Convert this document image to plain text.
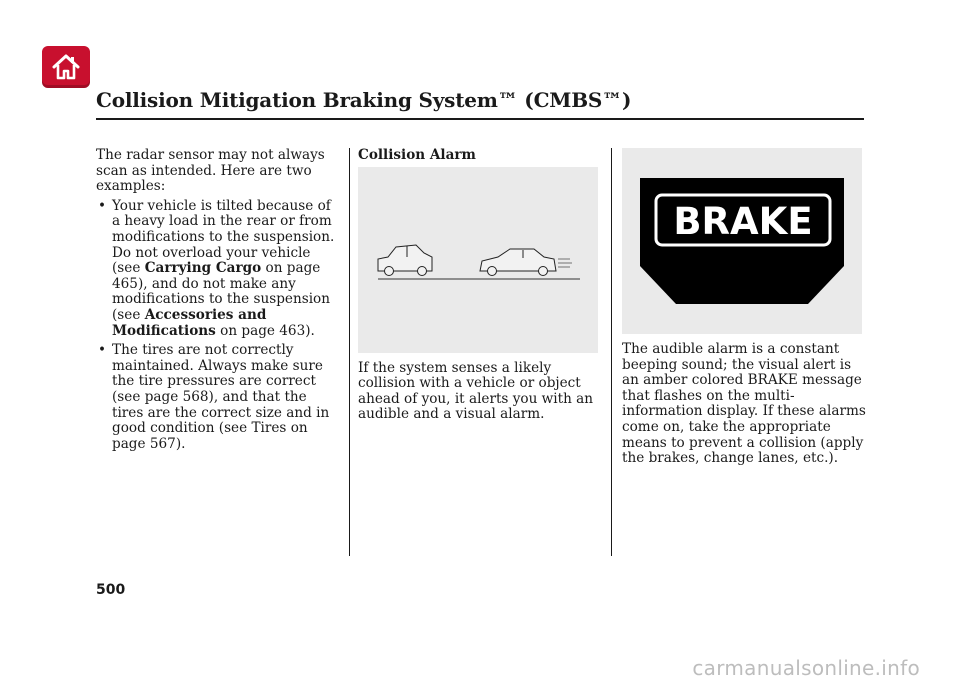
Collision Mitigation Braking System™ (CMBS™)

The radar sensor may not always scan as intended. Here are two examples:

• Your vehicle is tilted because of a heavy load in the rear or from modifications to the suspension. Do not overload your vehicle (see Carrying Cargo on page 465), and do not make any modifications to the suspension (see Accessories and Modifications on page 463).
• The tires are not correctly maintained. Always make sure the tire pressures are correct (see page 568), and that the tires are the correct size and in good condition (see Tires on page 567).

Collision Alarm

If the system senses a likely collision with a vehicle or object ahead of you, it alerts you with an audible and a visual alarm.

BRAKE

The audible alarm is a constant beeping sound; the visual alert is an amber colored BRAKE message that flashes on the multi-information display. If these alarms come on, take the appropriate means to prevent a collision (apply the brakes, change lanes, etc.).

500
carmanualsonline.info
